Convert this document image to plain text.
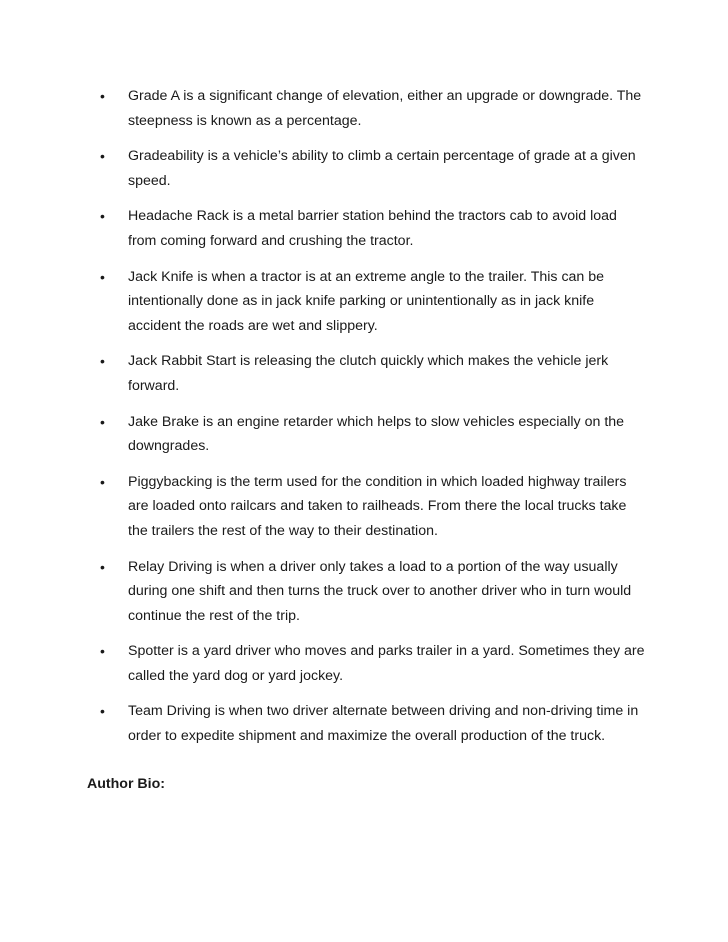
•	Grade A is a significant change of elevation, either an upgrade or downgrade. The steepness is known as a percentage.
•	Gradeability is a vehicle’s ability to climb a certain percentage of grade at a given speed.
•	Headache Rack is a metal barrier station behind the tractors cab to avoid load from coming forward and crushing the tractor.
•	Jack Knife is when a tractor is at an extreme angle to the trailer. This can be intentionally done as in jack knife parking or unintentionally as in jack knife accident the roads are wet and slippery.
•	Jack Rabbit Start is releasing the clutch quickly which makes the vehicle jerk forward.
•	Jake Brake is an engine retarder which helps to slow vehicles especially on the downgrades.
•	Piggybacking is the term used for the condition in which loaded highway trailers are loaded onto railcars and taken to railheads. From there the local trucks take the trailers the rest of the way to their destination.
•	Relay Driving is when a driver only takes a load to a portion of the way usually during one shift and then turns the truck over to another driver who in turn would continue the rest of the trip.
•	Spotter is a yard driver who moves and parks trailer in a yard. Sometimes they are called the yard dog or yard jockey.
•	Team Driving is when two driver alternate between driving and non-driving time in order to expedite shipment and maximize the overall production of the truck.

Author Bio:
